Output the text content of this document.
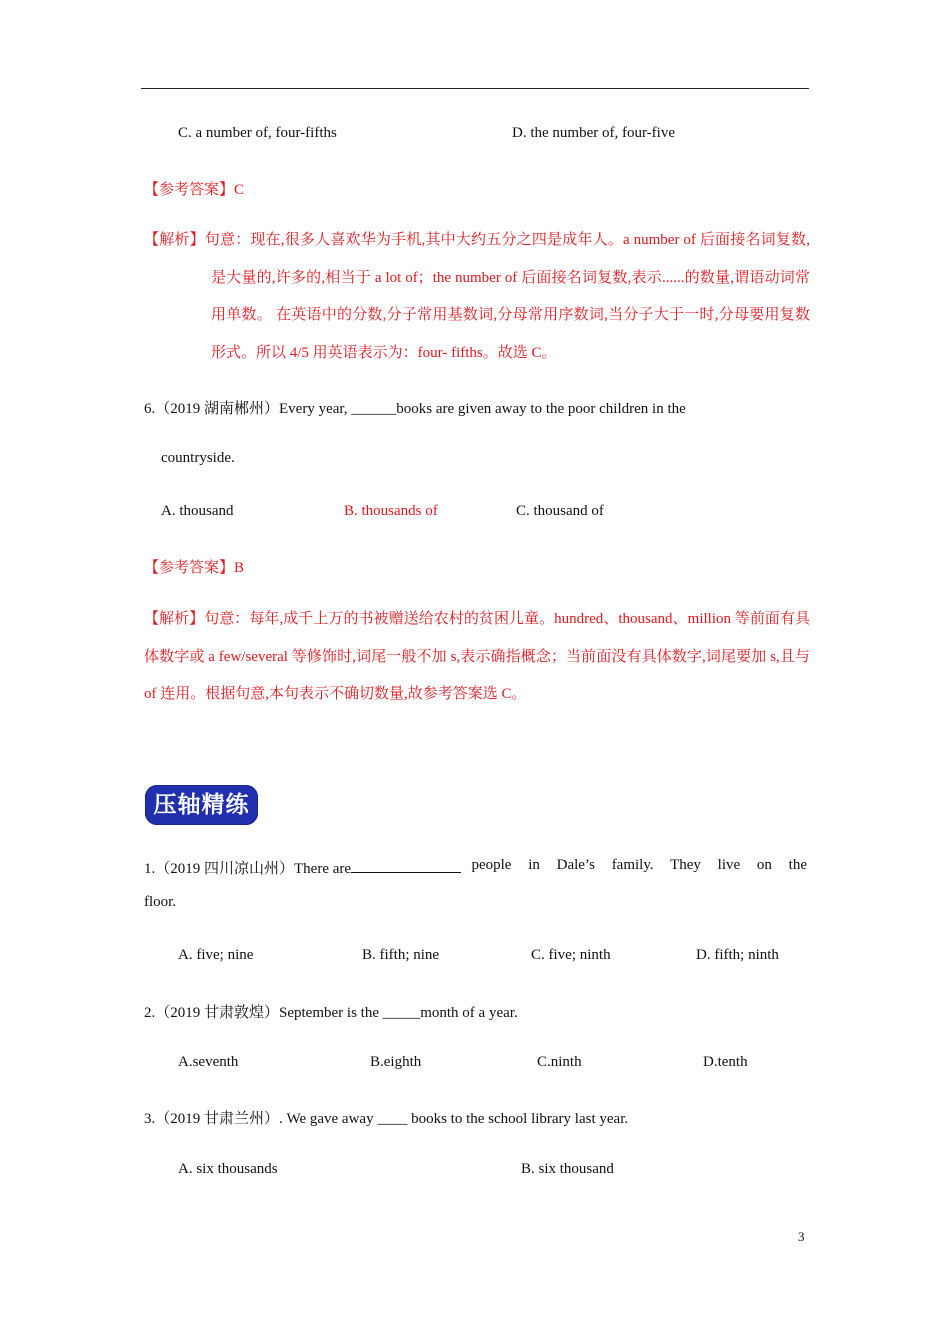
C. a number of, four-fifths	D. the number of, four-five
【参考答案】C
【解析】句意：现在,很多人喜欢华为手机,其中大约五分之四是成年人。a number of 后面接名词复数,是大量的,许多的,相当于 a lot of；the number of 后面接名词复数,表示......的数量,谓语动词常用单数。 在英语中的分数,分子常用基数词,分母常用序数词,当分子大于一时,分母要用复数形式。所以 4/5 用英语表示为：four- fifths。故选 C。
6.（2019 湖南郴州）Every year, ______books are given away to the poor children in the
countryside.
A. thousand	B. thousands of	C. thousand of
【参考答案】B
【解析】句意：每年,成千上万的书被赠送给农村的贫困儿童。hundred、thousand、million 等前面有具体数字或 a few/several 等修饰时,词尾一般不加 s,表示确指概念；当前面没有具体数字,词尾要加 s,且与 of 连用。根据句意,本句表示不确切数量,故参考答案选 C。
压轴精练
1.（2019 四川凉山州）There are	people in Dale’s family. They live on the
floor.
A. five; nine	B. fifth; nine	C. five; ninth	D. fifth; ninth
2.（2019 甘肃敦煌）September is the _____month of a year.
A.seventh	B.eighth	C.ninth	D.tenth
3.（2019 甘肃兰州）. We gave away ____ books to the school library last year.
A. six thousands	B. six thousand
3
